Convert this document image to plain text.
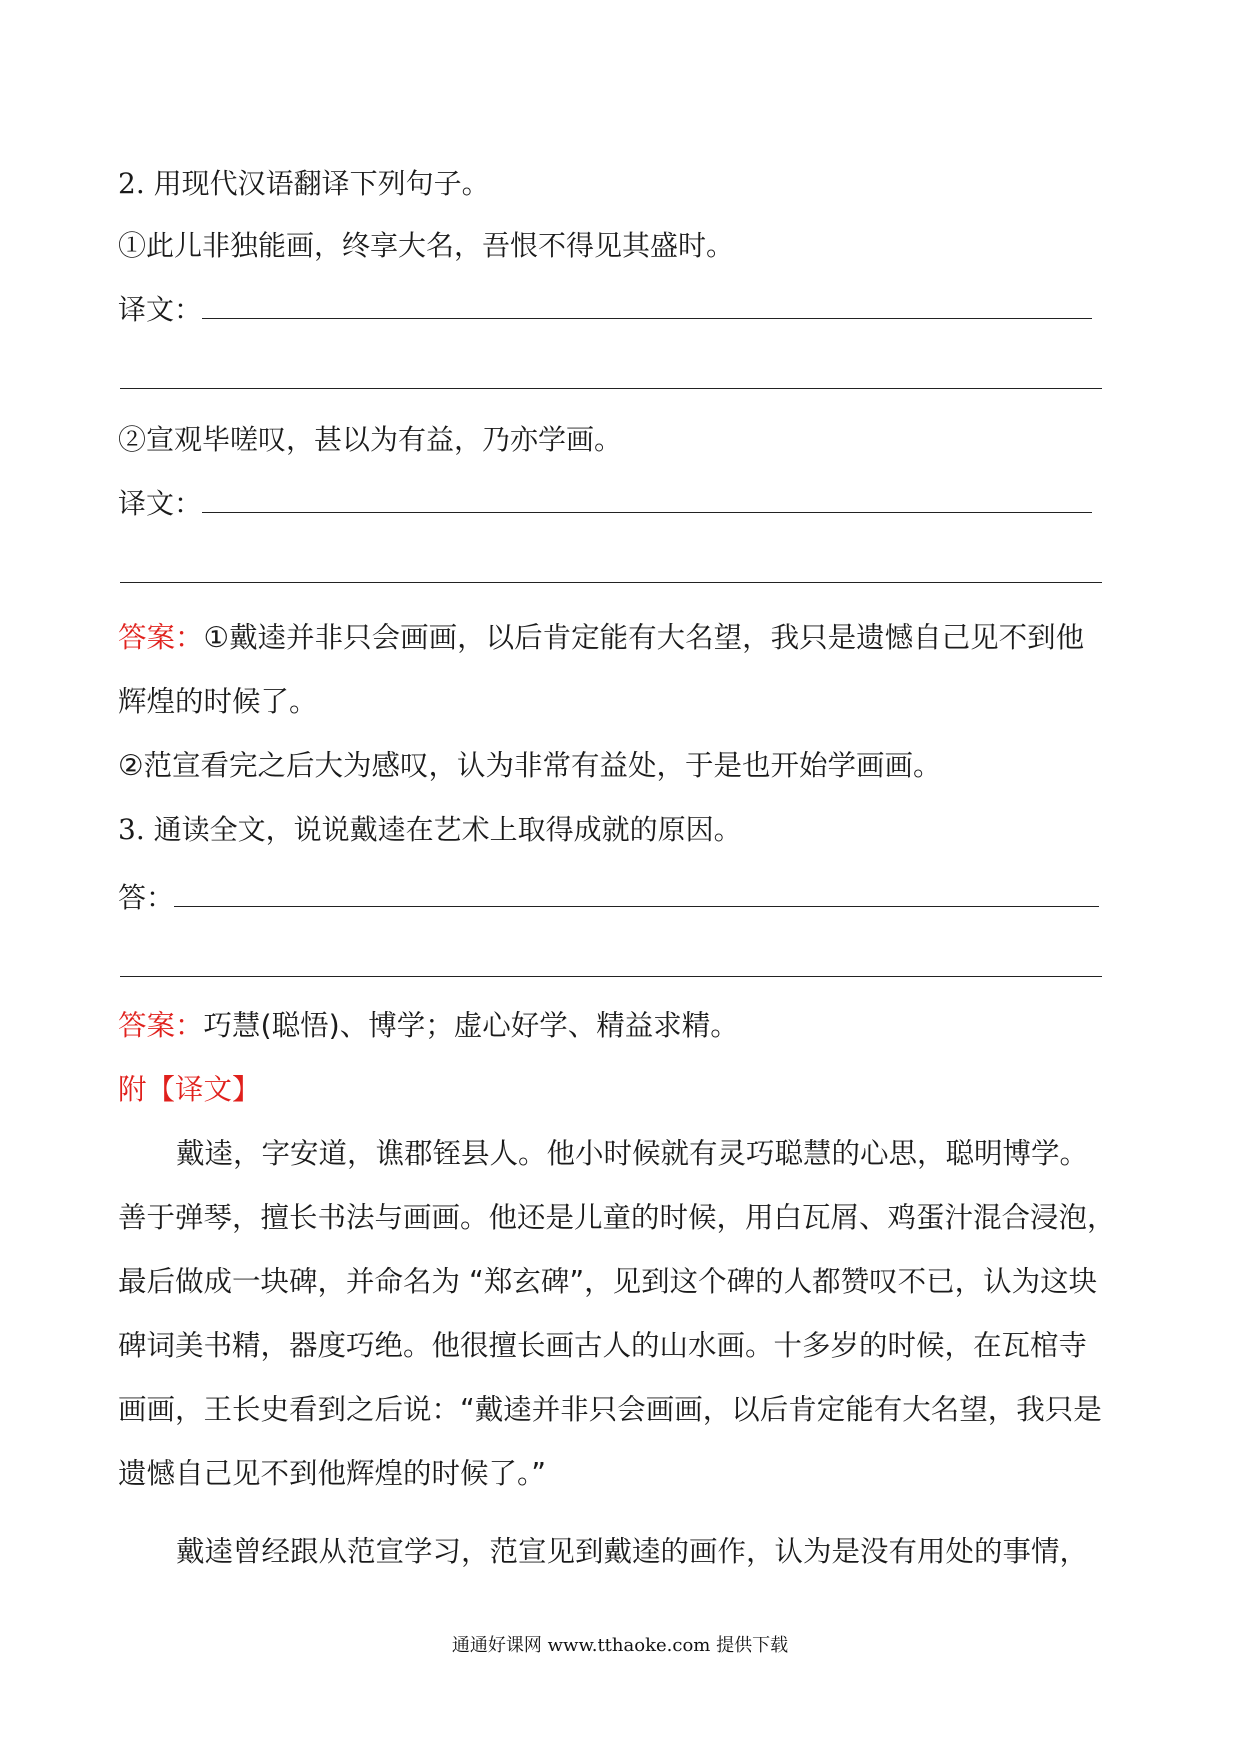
2. 用现代汉语翻译下列句子。
①此儿非独能画，终享大名，吾恨不得见其盛时。
译文：
②宣观毕嗟叹，甚以为有益，乃亦学画。
译文：
答案：①戴逵并非只会画画，以后肯定能有大名望，我只是遗憾自己见不到他
辉煌的时候了。
②范宣看完之后大为感叹，认为非常有益处，于是也开始学画画。
3. 通读全文，说说戴逵在艺术上取得成就的原因。
答：
答案：巧慧(聪悟)、博学；虚心好学、精益求精。
附【译文】
戴逵，字安道，谯郡铚县人。他小时候就有灵巧聪慧的心思，聪明博学。
善于弹琴，擅长书法与画画。他还是儿童的时候，用白瓦屑、鸡蛋汁混合浸泡，
最后做成一块碑，并命名为 “郑玄碑”，见到这个碑的人都赞叹不已，认为这块
碑词美书精，器度巧绝。他很擅长画古人的山水画。十多岁的时候，在瓦棺寺
画画，王长史看到之后说：“戴逵并非只会画画，以后肯定能有大名望，我只是
遗憾自己见不到他辉煌的时候了。”
戴逵曾经跟从范宣学习，范宣见到戴逵的画作，认为是没有用处的事情，
通通好课网 www.tthaoke.com 提供下载
